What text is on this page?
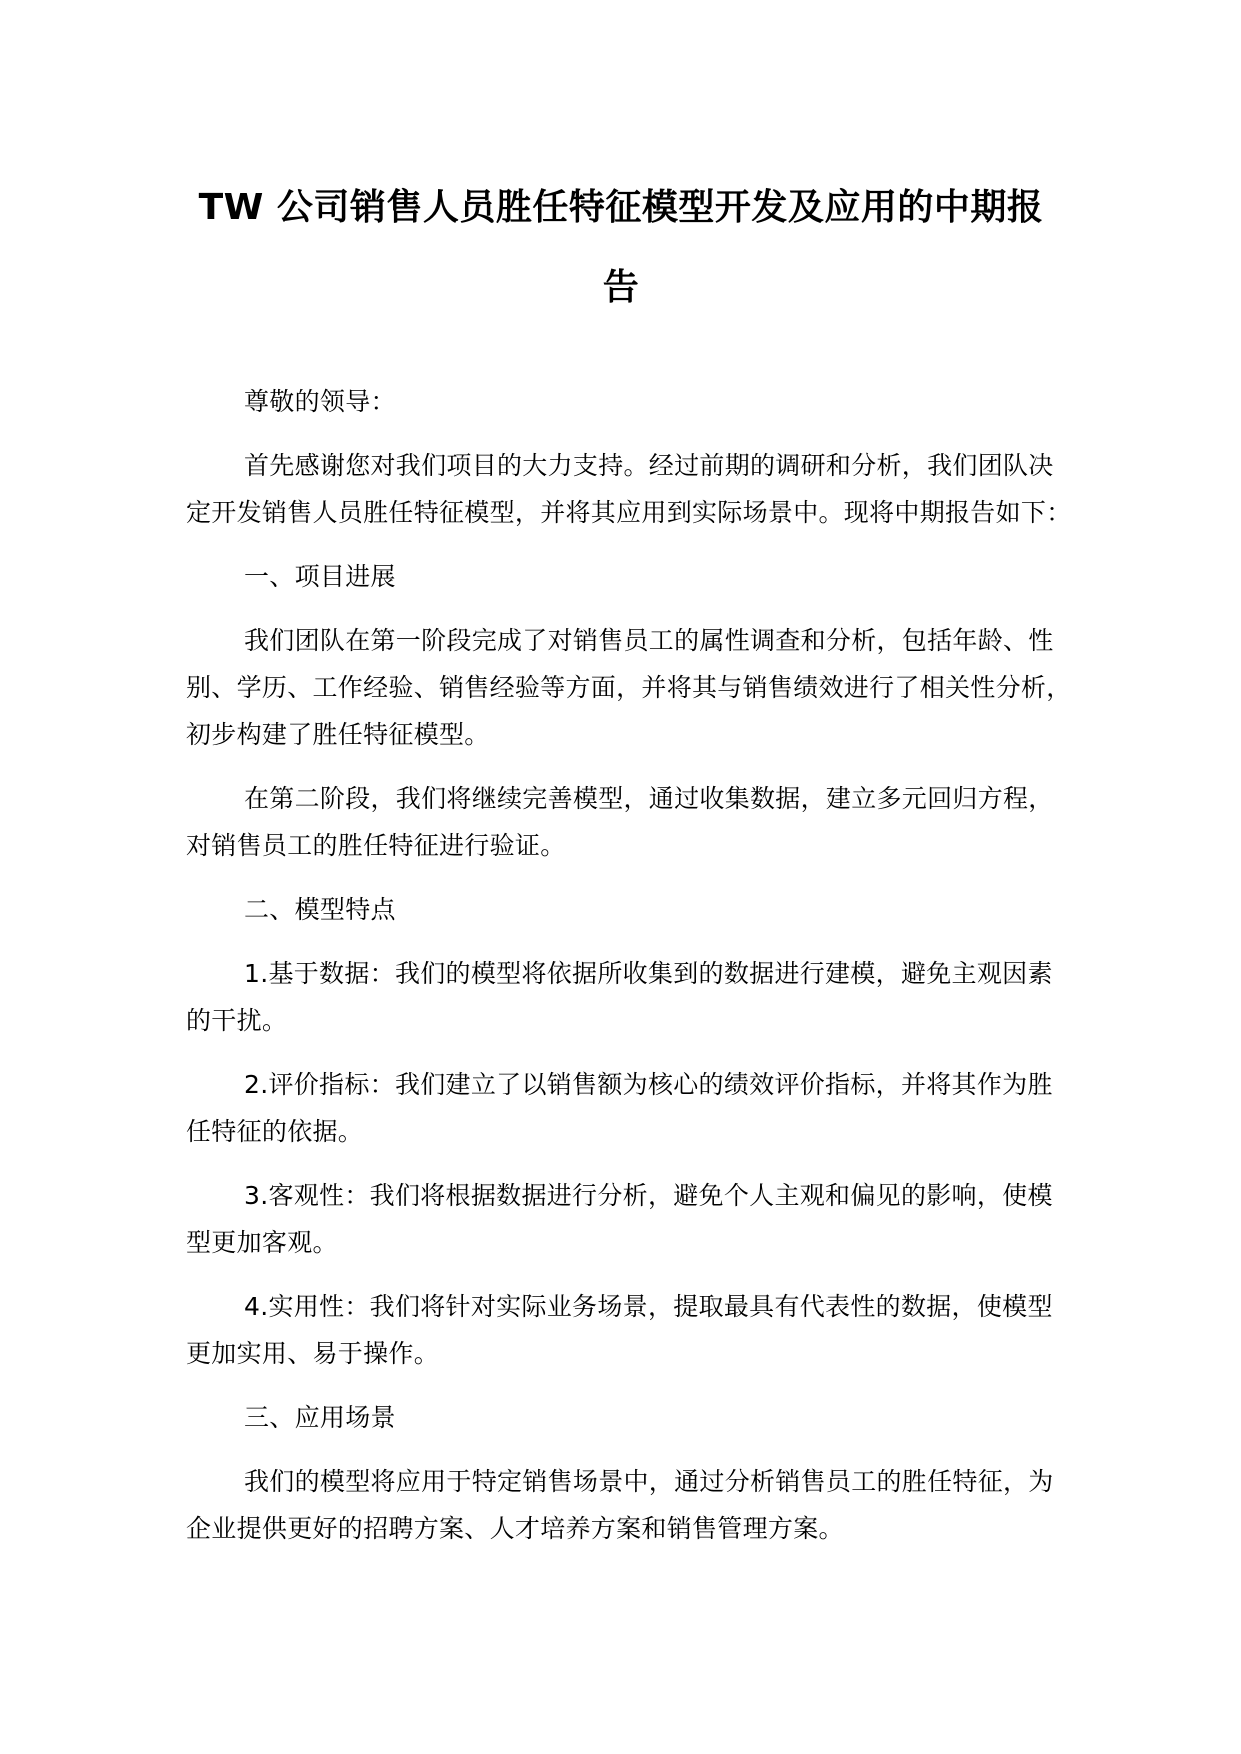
TW 公司销售人员胜任特征模型开发及应用的中期报告

尊敬的领导：

首先感谢您对我们项目的大力支持。经过前期的调研和分析，我们团队决定开发销售人员胜任特征模型，并将其应用到实际场景中。现将中期报告如下：

一、项目进展

我们团队在第一阶段完成了对销售员工的属性调查和分析，包括年龄、性别、学历、工作经验、销售经验等方面，并将其与销售绩效进行了相关性分析，初步构建了胜任特征模型。

在第二阶段，我们将继续完善模型，通过收集数据，建立多元回归方程，对销售员工的胜任特征进行验证。

二、模型特点

1.基于数据：我们的模型将依据所收集到的数据进行建模，避免主观因素的干扰。

2.评价指标：我们建立了以销售额为核心的绩效评价指标，并将其作为胜任特征的依据。

3.客观性：我们将根据数据进行分析，避免个人主观和偏见的影响，使模型更加客观。

4.实用性：我们将针对实际业务场景，提取最具有代表性的数据，使模型更加实用、易于操作。

三、应用场景

我们的模型将应用于特定销售场景中，通过分析销售员工的胜任特征，为企业提供更好的招聘方案、人才培养方案和销售管理方案。
